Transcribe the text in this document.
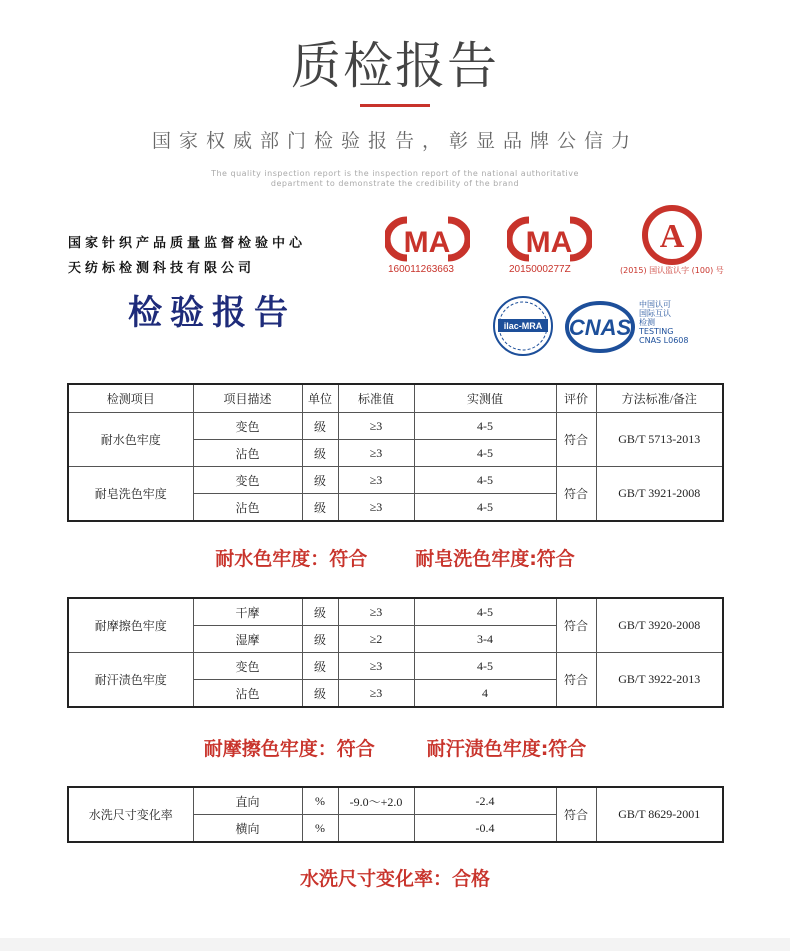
质检报告
国家权威部门检验报告，彰显品牌公信力
The quality inspection report is the inspection report of the national authoritative
department to demonstrate the credibility of the brand
国家针织产品质量监督检验中心
天纺标检测科技有限公司
检验报告
MA
160011263663
MA
2015000277Z
A
(2015) 国认监认字 (100) 号
ilac-MRA CNAS
中国认可
国际互认
检测
TESTING
CNAS L0608
检测项目	项目描述	单位	标准值	实测值	评价	方法标准/备注
耐水色牢度	变色	级	≥3	4-5	符合	GB/T 5713-2013
	沾色	级	≥3	4-5		
耐皂洗色牢度	变色	级	≥3	4-5	符合	GB/T 3921-2008
	沾色	级	≥3	4-5		
耐水色牢度：符合	耐皂洗色牢度:符合
耐摩擦色牢度	干摩	级	≥3	4-5	符合	GB/T 3920-2008
	湿摩	级	≥2	3-4		
耐汗渍色牢度	变色	级	≥3	4-5	符合	GB/T 3922-2013
	沾色	级	≥3	4		
耐摩擦色牢度：符合	耐汗渍色牢度:符合
水洗尺寸变化率	直向	%	-9.0～+2.0	-2.4	符合	GB/T 8629-2001
	横向	%		-0.4		
水洗尺寸变化率：合格
